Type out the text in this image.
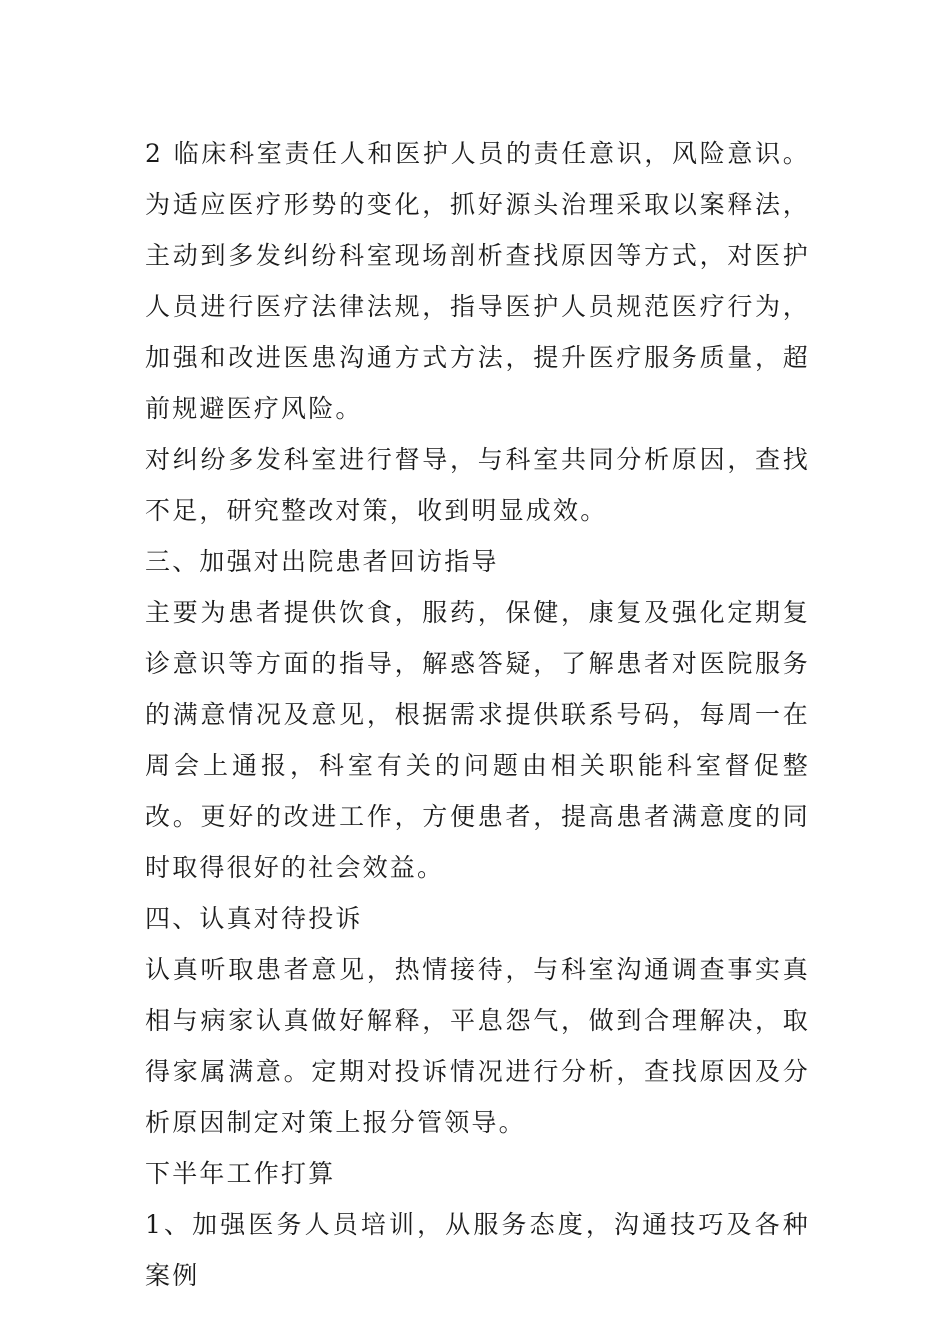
2 临床科室责任人和医护人员的责任意识，风险意识。为适应医疗形势的变化，抓好源头治理采取以案释法，主动到多发纠纷科室现场剖析查找原因等方式，对医护人员进行医疗法律法规，指导医护人员规范医疗行为，加强和改进医患沟通方式方法，提升医疗服务质量，超前规避医疗风险。

对纠纷多发科室进行督导，与科室共同分析原因，查找不足，研究整改对策，收到明显成效。

三、加强对出院患者回访指导

主要为患者提供饮食，服药，保健，康复及强化定期复诊意识等方面的指导，解惑答疑，了解患者对医院服务的满意情况及意见，根据需求提供联系号码，每周一在周会上通报，科室有关的问题由相关职能科室督促整改。更好的改进工作，方便患者，提高患者满意度的同时取得很好的社会效益。

四、认真对待投诉

认真听取患者意见，热情接待，与科室沟通调查事实真相与病家认真做好解释，平息怨气，做到合理解决，取得家属满意。定期对投诉情况进行分析，查找原因及分析原因制定对策上报分管领导。

下半年工作打算

1、加强医务人员培训，从服务态度，沟通技巧及各种案例
